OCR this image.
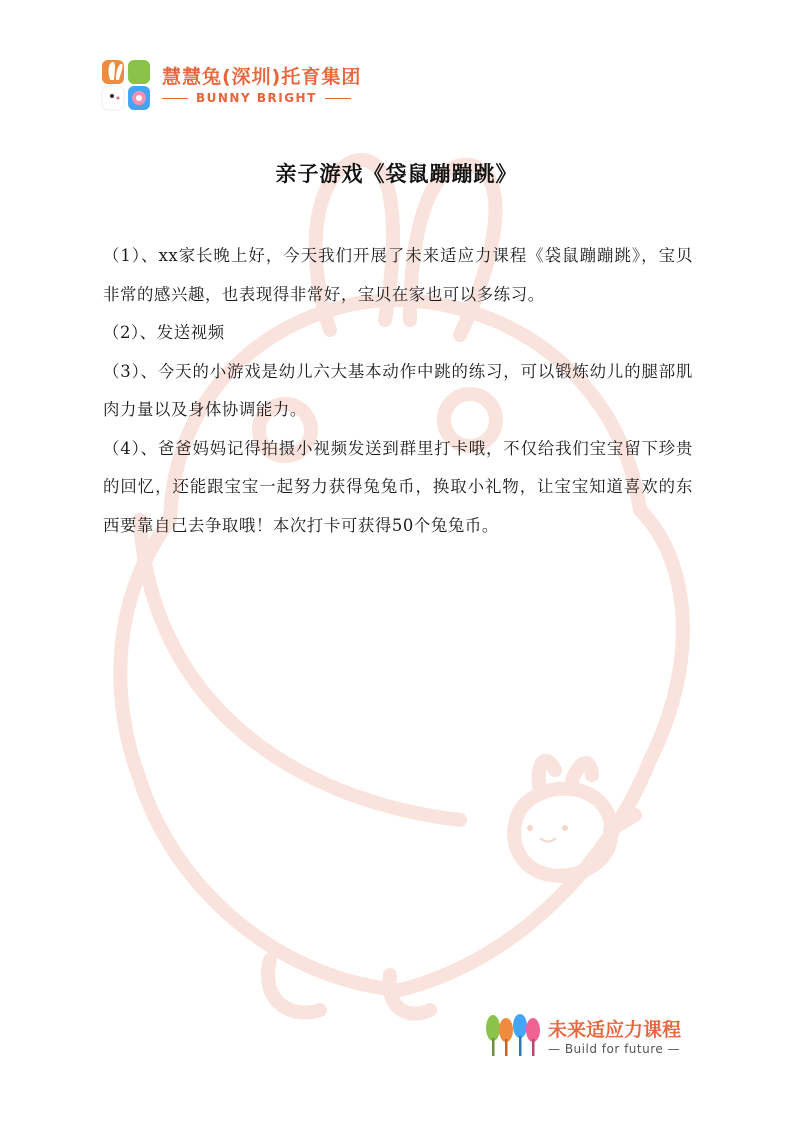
慧慧兔(深圳)托育集团
BUNNY BRIGHT
亲子游戏《袋鼠蹦蹦跳》

（1）、xx家长晚上好，今天我们开展了未来适应力课程《袋鼠蹦蹦跳》，宝贝非常的感兴趣，也表现得非常好，宝贝在家也可以多练习。

（2）、发送视频

（3）、今天的小游戏是幼儿六大基本动作中跳的练习，可以锻炼幼儿的腿部肌肉力量以及身体协调能力。

（4）、爸爸妈妈记得拍摄小视频发送到群里打卡哦，不仅给我们宝宝留下珍贵的回忆，还能跟宝宝一起努力获得兔兔币，换取小礼物，让宝宝知道喜欢的东西要靠自己去争取哦！本次打卡可获得50个兔兔币。

未来适应力课程
— Build for future —
